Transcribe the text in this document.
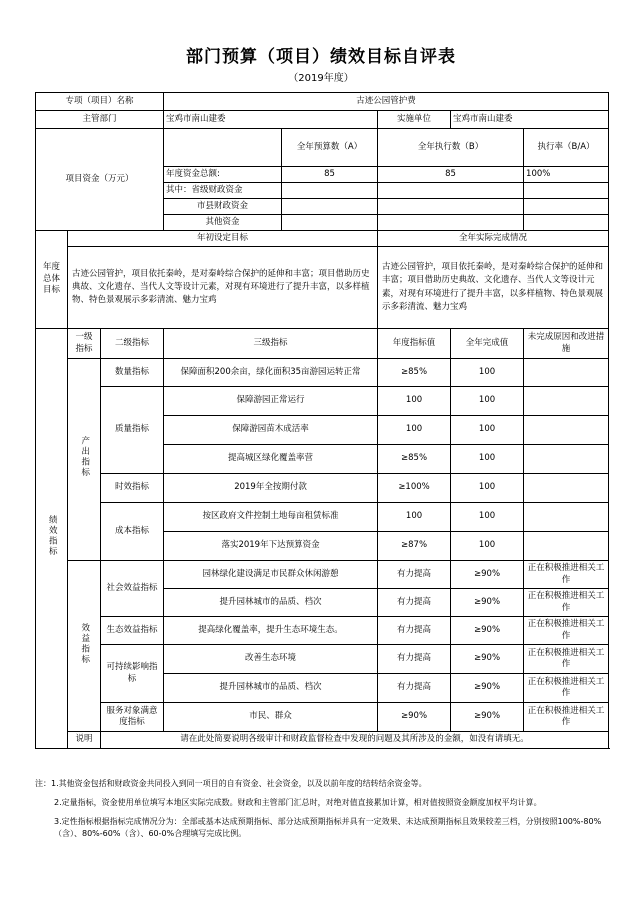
部门预算（项目）绩效目标自评表
（2019年度）
专项（项目）名称			古迹公园管护费				
主管部门			宝鸡市南山建委		实施单位	宝鸡市南山建委	
项目资金（万元）				全年预算数（A）	全年执行数（B）		执行率（B/A）
			年度资金总额:	85	85		100%
			其中：省级财政资金				
			市县财政资金				
			其他资金				
年度总体目标	年初设定目标				全年实际完成情况		
	古迹公园管护，项目依托秦岭，是对秦岭综合保护的延伸和丰富；项目借助历史典故、文化遗存、当代人文等设计元素，对现有环境进行了提升丰富，以多样植物、特色景观展示多彩清流、魅力宝鸡				古迹公园管护，项目依托秦岭，是对秦岭综合保护的延伸和丰富；项目借助历史典故、文化遗存、当代人文等设计元素，对现有环境进行了提升丰富，以多样植物、特色景观展示多彩清流、魅力宝鸡		
绩效指标	一级指标	二级指标	三级指标		年度指标值	全年完成值	未完成原因和改进措施
	产出指标	数量指标	保障面积200余亩，绿化面积35亩游园运转正常		≥85%	100	
		质量指标	保障游园正常运行		100	100	
			保障游园苗木成活率		100	100	
			提高城区绿化覆盖率营		≥85%	100	
		时效指标	2019年全按期付款		≥100%	100	
		成本指标	按区政府文件控制土地每亩租赁标准		100	100	
			落实2019年下达预算资金		≥87%	100	
	效益指标	社会效益指标	园林绿化建设满足市民群众休闲游憩		有力提高	≥90%	正在积极推进相关工作
			提升园林城市的品质、档次		有力提高	≥90%	正在积极推进相关工作
		生态效益指标	提高绿化覆盖率，提升生态环境生态。		有力提高	≥90%	正在积极推进相关工作
		可持续影响指标	改善生态环境		有力提高	≥90%	正在积极推进相关工作
			提升园林城市的品质、档次		有力提高	≥90%	正在积极推进相关工作
		服务对象满意度指标	市民、群众		≥90%	≥90%	正在积极推进相关工作
	说明	请在此处简要说明各级审计和财政监督检查中发现的问题及其所涉及的金额，如没有请填无。					

注：1.其他资金包括和财政资金共同投入到同一项目的自有资金、社会资金，以及以前年度的结转结余资金等。

2.定量指标，资金使用单位填写本地区实际完成数。财政和主管部门汇总时，对绝对值直接累加计算，相对值按照资金额度加权平均计算。

3.定性指标根据指标完成情况分为：全部或基本达成预期指标、部分达成预期指标并具有一定效果、未达成预期指标且效果较差三档，分别按照100%-80%（含）、80%-60%（含）、60-0%合理填写完成比例。
